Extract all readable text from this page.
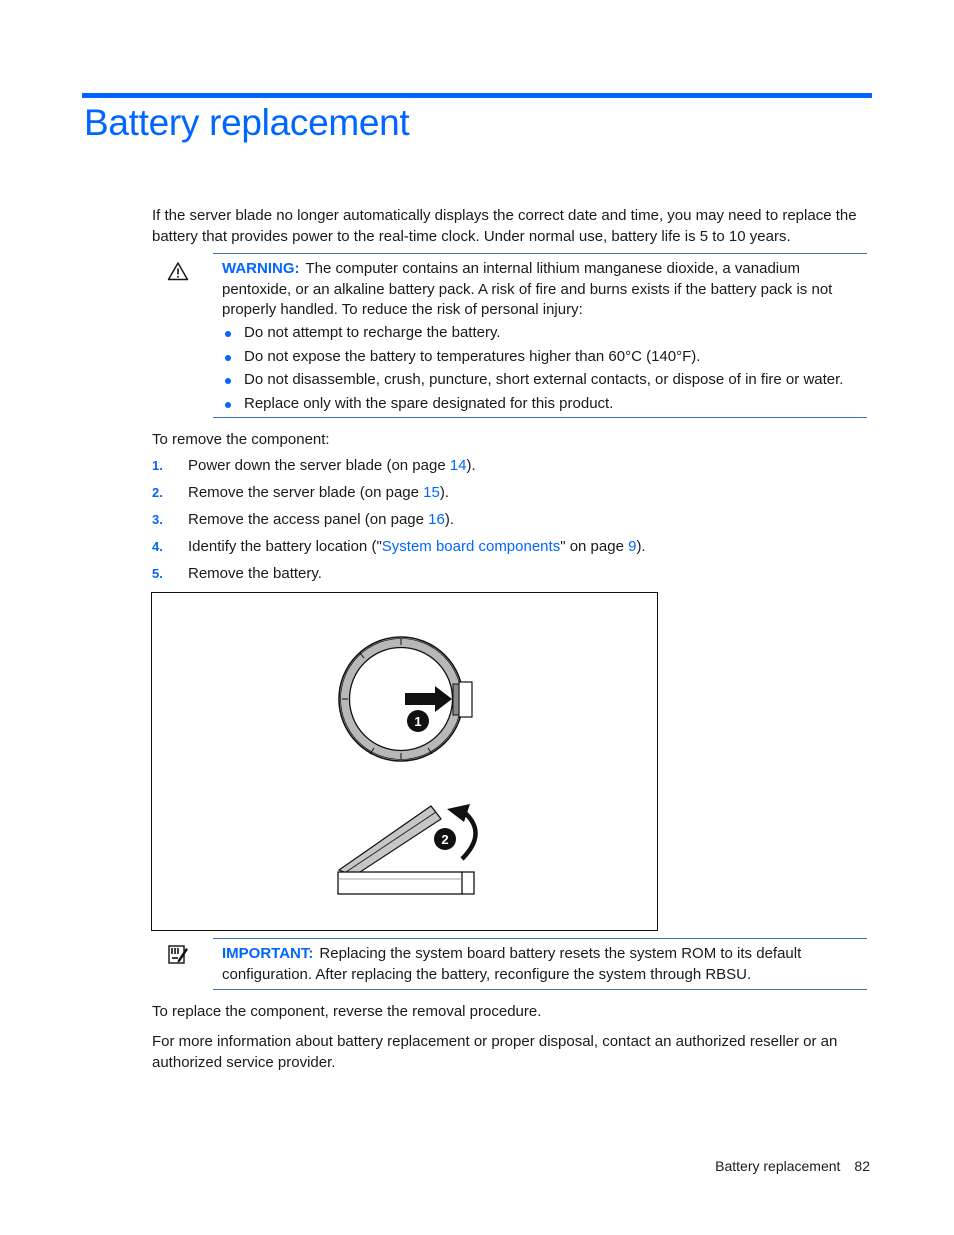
Battery replacement

If the server blade no longer automatically displays the correct date and time, you may need to replace the battery that provides power to the real-time clock. Under normal use, battery life is 5 to 10 years.

WARNING: The computer contains an internal lithium manganese dioxide, a vanadium pentoxide, or an alkaline battery pack. A risk of fire and burns exists if the battery pack is not properly handled. To reduce the risk of personal injury:

Do not attempt to recharge the battery.
Do not expose the battery to temperatures higher than 60°C (140°F).
Do not disassemble, crush, puncture, short external contacts, or dispose of in fire or water.
Replace only with the spare designated for this product.

To remove the component:

1. Power down the server blade (on page 14).
2. Remove the server blade (on page 15).
3. Remove the access panel (on page 16).
4. Identify the battery location ("System board components" on page 9).
5. Remove the battery.
1
2

IMPORTANT: Replacing the system board battery resets the system ROM to its default configuration. After replacing the battery, reconfigure the system through RBSU.

To replace the component, reverse the removal procedure.

For more information about battery replacement or proper disposal, contact an authorized reseller or an authorized service provider.

Battery replacement 82
